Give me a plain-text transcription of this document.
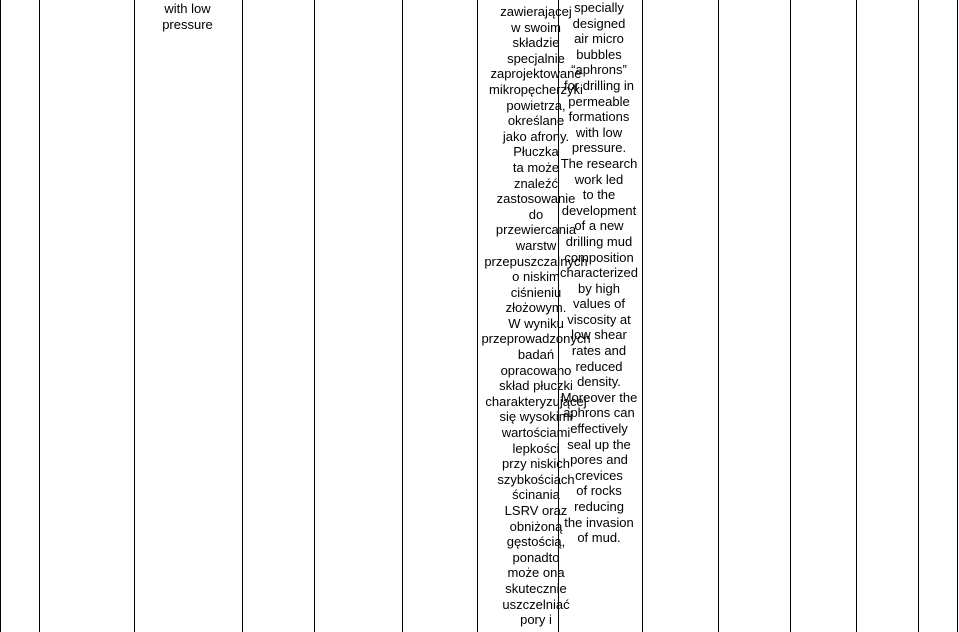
with low
pressure
zawierającej
w swoim
składzie
specjalnie
zaprojektowane
mikropęcherzyki
powietrza,
określane
jako afrony.
Płuczka
ta może
znaleźć
zastosowanie
do
przewiercania
warstw
przepuszczalnych
o niskim
ciśnieniu
złożowym.
W wyniku
przeprowadzonych
badań
opracowano
skład płuczki
charakteryzującej
się wysokimi
wartościami
lepkości
przy niskich
szybkościach
ścinania
LSRV oraz
obniżoną
gęstością,
ponadto
może ona
skutecznie
uszczelniać
pory i
specially
designed
air micro
bubbles
“aphrons”
for drilling in
permeable
formations
with low
pressure.
The research
work led
to the
development
of a new
drilling mud
composition
characterized
by high
values of
viscosity at
low shear
rates and
reduced
density.
Moreover the
aphrons can
effectively
seal up the
pores and
crevices
of rocks
reducing
the invasion
of mud.
